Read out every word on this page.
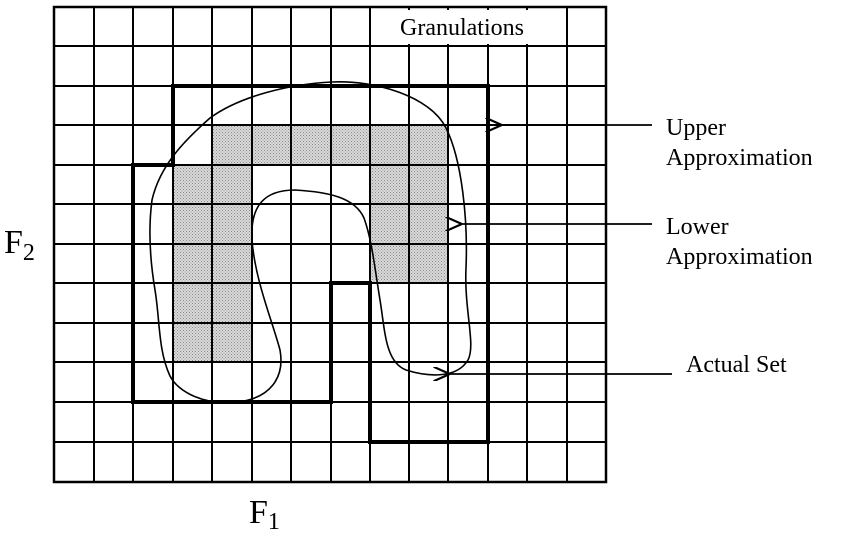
Granulations
F1
$F_2$
Upper
Approximation
Lower
Approximation
Actual Set
